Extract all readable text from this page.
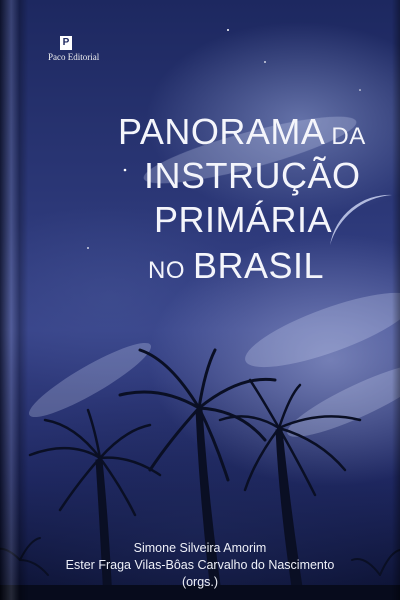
P
Paco Editorial
PANORAMA DA
INSTRUÇÃO
PRIMÁRIA
NO BRASIL
Simone Silveira Amorim
Ester Fraga Vilas-Bôas Carvalho do Nascimento
(orgs.)
